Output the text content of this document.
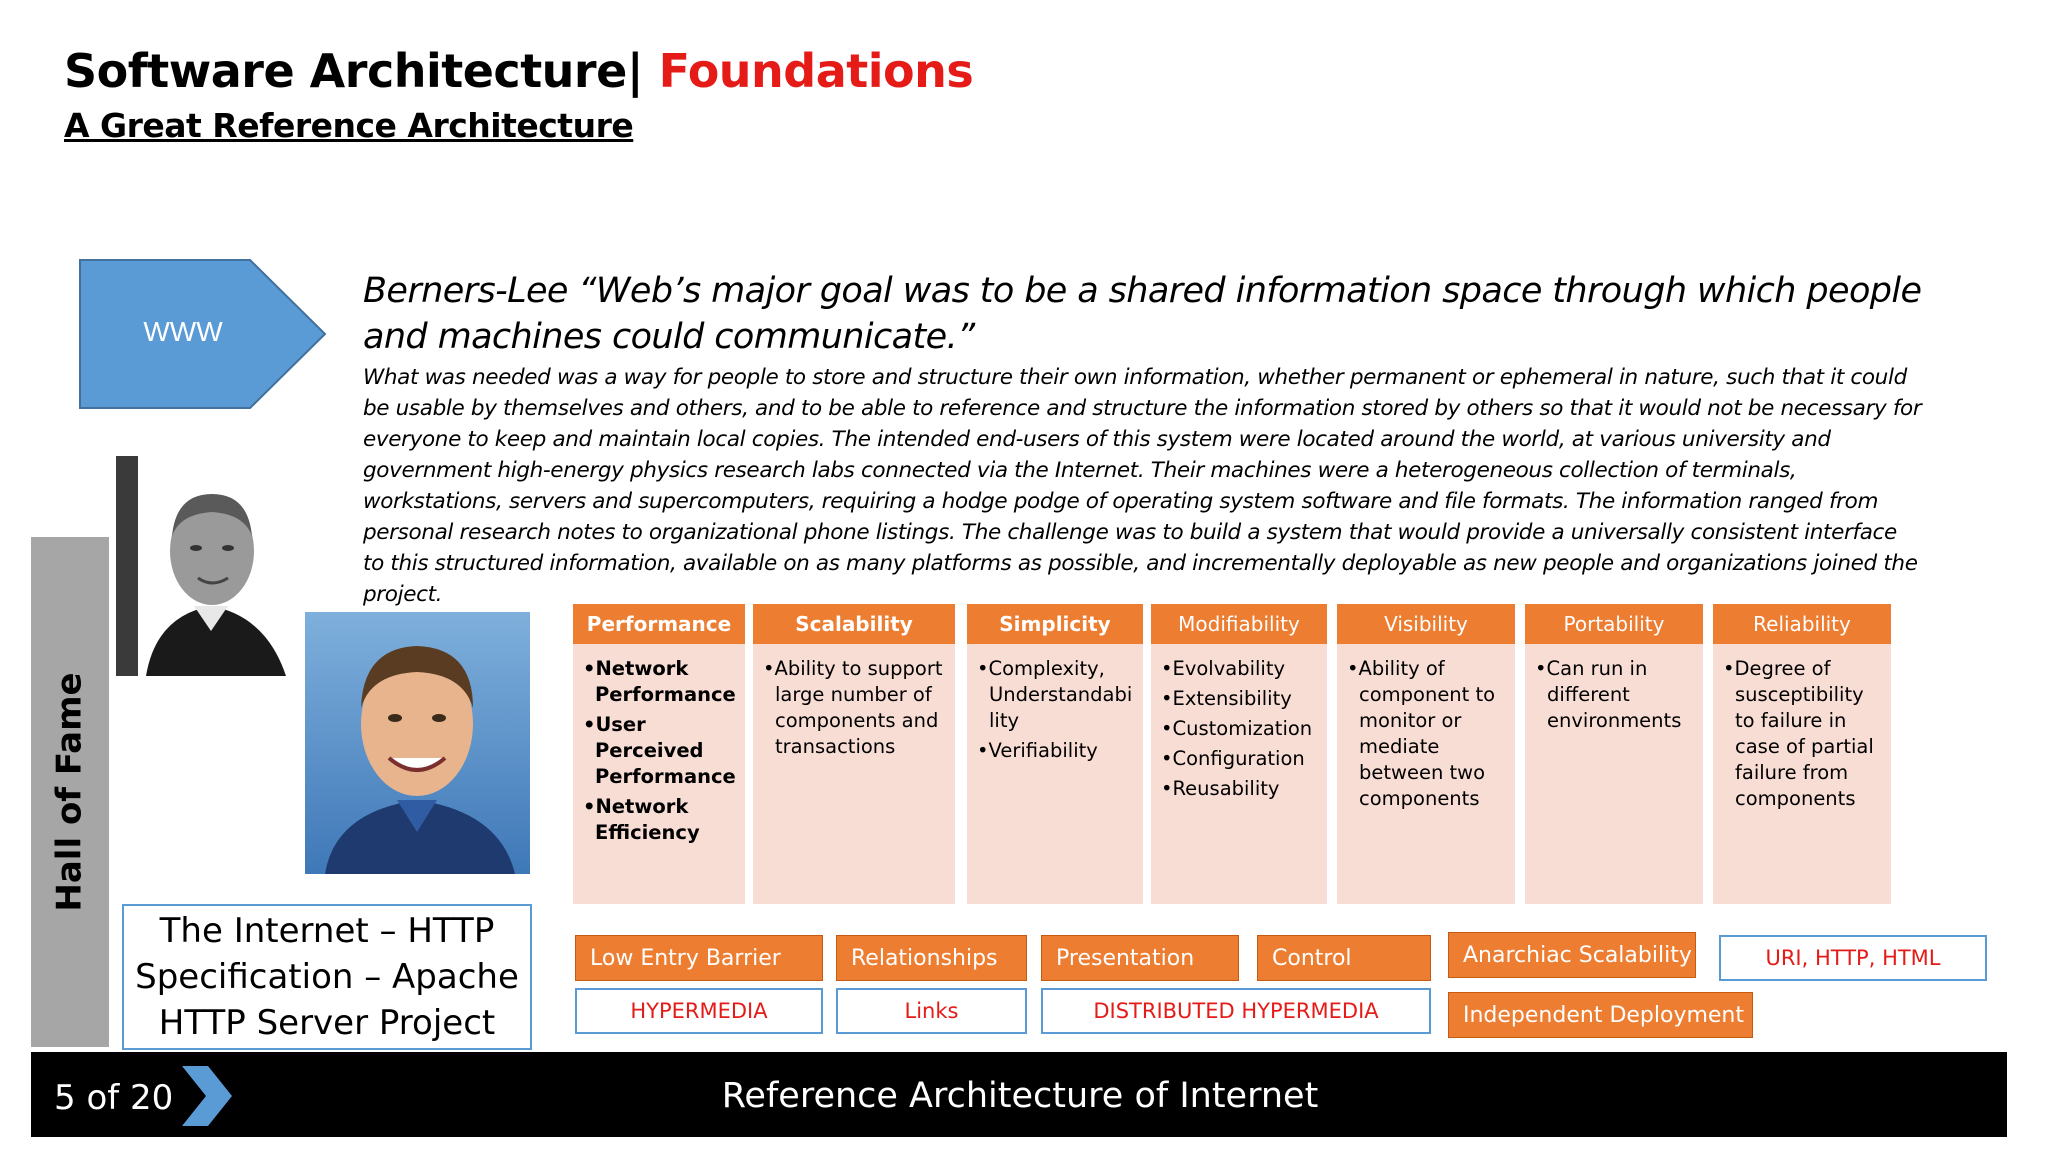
Software Architecture| Foundations
A Great Reference Architecture
WWW
Berners-Lee “Web’s major goal was to be a shared information space through which people and machines could communicate.”
What was needed was a way for people to store and structure their own information, whether permanent or ephemeral in nature, such that it could be usable by themselves and others, and to be able to reference and structure the information stored by others so that it would not be necessary for everyone to keep and maintain local copies. The intended end-users of this system were located around the world, at various university and government high-energy physics research labs connected via the Internet. Their machines were a heterogeneous collection of terminals, workstations, servers and supercomputers, requiring a hodge podge of operating system software and file formats. The information ranged from personal research notes to organizational phone listings. The challenge was to build a system that would provide a universally consistent interface to this structured information, available on as many platforms as possible, and incrementally deployable as new people and organizations joined the project.
Hall of Fame
The Internet – HTTP
Specification – Apache
HTTP Server Project
Performance
•Network Performance
•User Perceived Performance
•Network Efficiency
Scalability
•Ability to support large number of components and transactions
Simplicity
•Complexity, Understandabi lity
•Verifiability
Modifiability
•Evolvability
•Extensibility
•Customization
•Configuration
•Reusability
Visibility
•Ability of component to monitor or mediate between two components
Portability
•Can run in different environments
Reliability
•Degree of susceptibility to failure in case of partial failure from components
Low Entry Barrier	Relationships	Presentation	Control	Anarchiac Scalability
Independent Deployment
HYPERMEDIA	Links	DISTRIBUTED HYPERMEDIA
URI, HTTP, HTML
5 of 20	Reference Architecture of Internet
